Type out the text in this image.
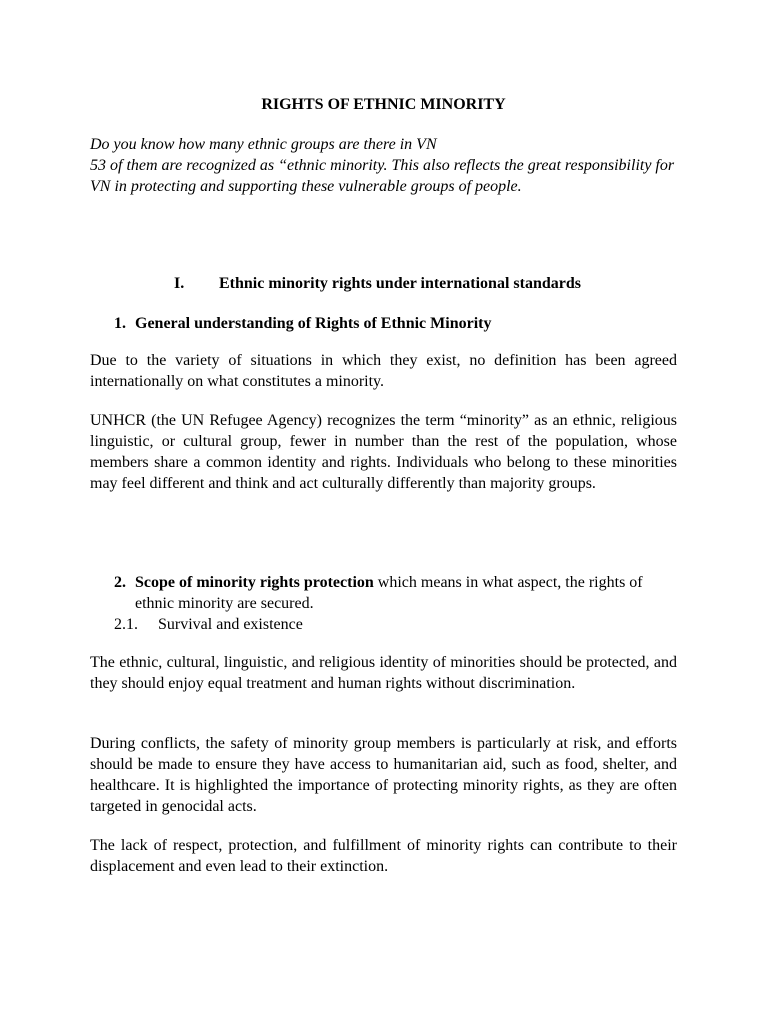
RIGHTS OF ETHNIC MINORITY
Do you know how many ethnic groups are there in VN
53 of them are recognized as “ethnic minority. This also reflects the great responsibility for VN in protecting and supporting these vulnerable groups of people.
I. Ethnic minority rights under international standards
1. General understanding of Rights of Ethnic Minority
Due to the variety of situations in which they exist, no definition has been agreed internationally on what constitutes a minority.
UNHCR (the UN Refugee Agency) recognizes the term “minority” as an ethnic, religious linguistic, or cultural group, fewer in number than the rest of the population, whose members share a common identity and rights. Individuals who belong to these minorities may feel different and think and act culturally differently than majority groups.
2. Scope of minority rights protection which means in what aspect, the rights of ethnic minority are secured.
2.1. Survival and existence
The ethnic, cultural, linguistic, and religious identity of minorities should be protected, and they should enjoy equal treatment and human rights without discrimination.
During conflicts, the safety of minority group members is particularly at risk, and efforts should be made to ensure they have access to humanitarian aid, such as food, shelter, and healthcare. It is highlighted the importance of protecting minority rights, as they are often targeted in genocidal acts.
The lack of respect, protection, and fulfillment of minority rights can contribute to their displacement and even lead to their extinction.
